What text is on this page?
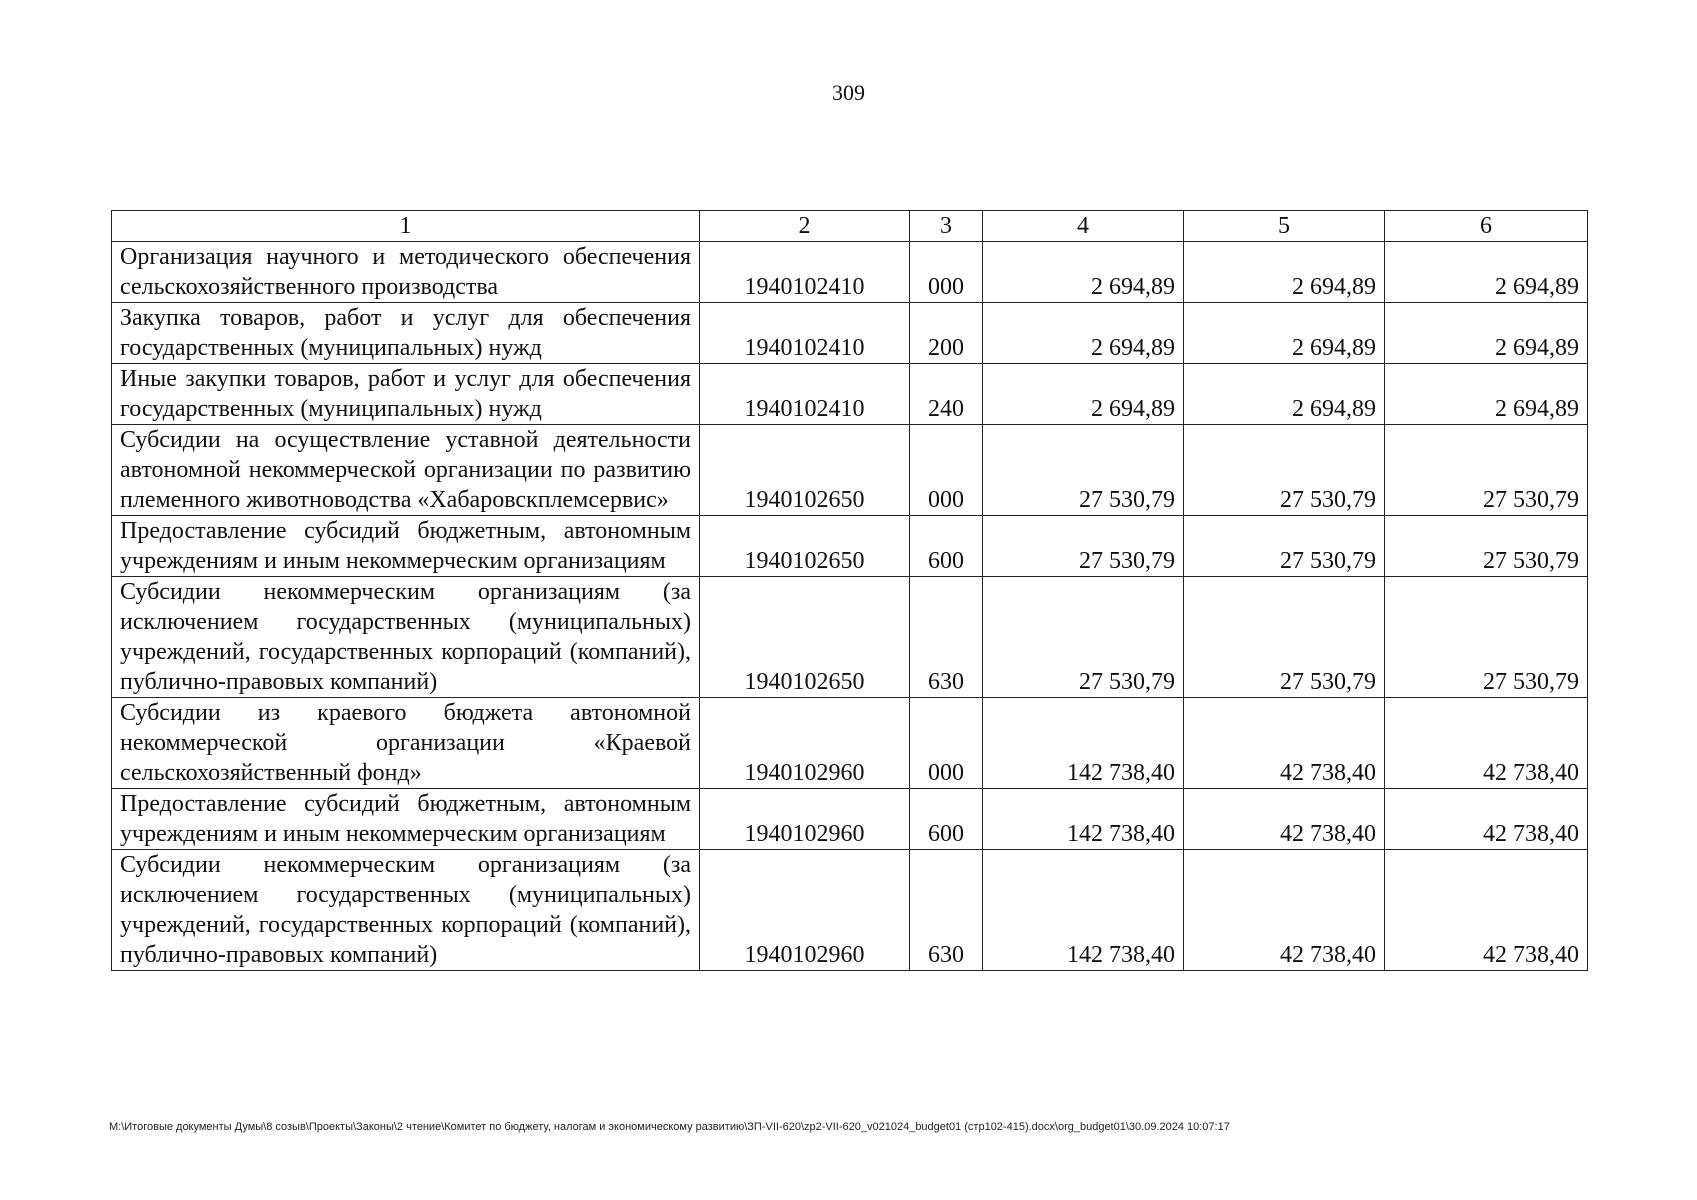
309
1	2	3	4	5	6
Организация научного и методического обеспечения сельскохозяйственного производства	1940102410	000	2 694,89	2 694,89	2 694,89
Закупка товаров, работ и услуг для обеспечения государственных (муниципальных) нужд	1940102410	200	2 694,89	2 694,89	2 694,89
Иные закупки товаров, работ и услуг для обеспечения государственных (муниципальных) нужд	1940102410	240	2 694,89	2 694,89	2 694,89
Субсидии на осуществление уставной деятельности автономной некоммерческой организации по развитию племенного животноводства «Хабаровскплемсервис»	1940102650	000	27 530,79	27 530,79	27 530,79
Предоставление субсидий бюджетным, автономным учреждениям и иным некоммерческим организациям	1940102650	600	27 530,79	27 530,79	27 530,79
Субсидии некоммерческим организациям (за исключением государственных (муниципальных) учреждений, государственных корпораций (компаний), публично-правовых компаний)	1940102650	630	27 530,79	27 530,79	27 530,79
Субсидии из краевого бюджета автономной некоммерческой организации «Краевой сельскохозяйственный фонд»	1940102960	000	142 738,40	42 738,40	42 738,40
Предоставление субсидий бюджетным, автономным учреждениям и иным некоммерческим организациям	1940102960	600	142 738,40	42 738,40	42 738,40
Субсидии некоммерческим организациям (за исключением государственных (муниципальных) учреждений, государственных корпораций (компаний), публично-правовых компаний)	1940102960	630	142 738,40	42 738,40	42 738,40
M:\Итоговые документы Думы\8 созыв\Проекты\Законы\2 чтение\Комитет по бюджету, налогам и экономическому развитию\ЗП-VII-620\zp2-VII-620_v021024_budget01 (стр102-415).docx\org_budget01\30.09.2024 10:07:17
